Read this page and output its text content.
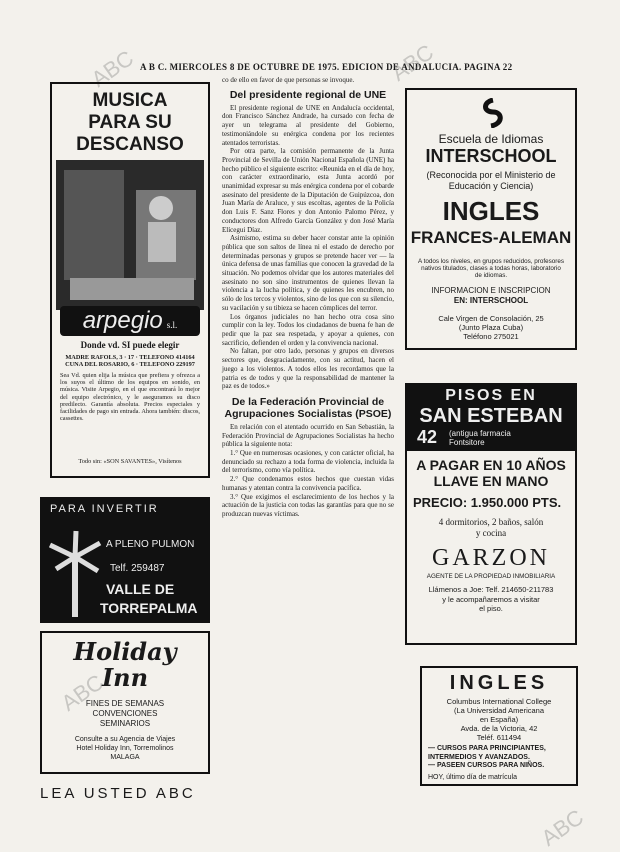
A B C. MIERCOLES 8 DE OCTUBRE DE 1975. EDICION DE ANDALUCIA. PAGINA 22
ABC	ABC
ABC
ABC
MUSICA
PARA SU
DESCANSO
arpegio s.l.
Donde vd. SI puede elegir
MADRE RAFOLS, 3 · 17 · TELEFONO 414164
CUNA DEL ROSARIO, 6 · TELEFONO 229197
Sea Vd. quien elija la música que prefiera y ofrezca a los suyos el último de los equipos en sonido, en música. Visite Arpegio, en el que encontrará lo mejor del equipo electrónico, y le aseguramos su disco predilecto. Garantía absoluta. Precios especiales y facilidades de pago sin entrada. Ahora también: discos, cassettes.
Todo sin: «SON SAVANTES», Visítenos
PARA INVERTIR
A PLENO PULMON
Telf. 259487
VALLE DE
TORREPALMA
Holiday
Inn
FINES DE SEMANAS
CONVENCIONES
SEMINARIOS
Consulte a su Agencia de Viajes
Hotel Holiday Inn, Torremolinos
MALAGA
LEA USTED ABC
co de ello en favor de que personas se invoque.
Del presidente regional de UNE
El presidente regional de UNE en Andalucía occidental, don Francisco Sánchez Andrade, ha cursado con fecha de ayer un telegrama al presidente del Gobierno, testimoniándole su enérgica condena por los recientes atentados terroristas.
Por otra parte, la comisión permanente de la Junta Provincial de Sevilla de Unión Nacional Española (UNE) ha hecho público el siguiente escrito: «Reunida en el día de hoy, con carácter extraordinario, esta Junta acordó por unanimidad expresar su más enérgica condena por el cobarde asesinato del presidente de la Diputación de Guipúzcoa, don Juan María de Araluce, y sus escoltas, agentes de la Policía don Luis F. Sanz Flores y don Antonio Palomo Pérez, y conductores don Alfredo García González y don José María Elícegui Díaz.
Asimismo, estima su deber hacer constar ante la opinión pública que son saltos de línea ni el estado de derecho por determinadas personas y grupos se pretende hacer ver — la única defensa de unas familias que conocen la gravedad de la situación. No podemos olvidar que los autores materiales del asesinato no son sino instrumentos de quienes llevan la violencia a la lucha política, y de quienes les encubren, no sólo de los tercos y violentos, sino de los que con su silencio, su vacilación y su tibieza se hacen cómplices del terror.
Los órganos judiciales no han hecho otra cosa sino cumplir con la ley. Todos los ciudadanos de buena fe han de pedir que la paz sea respetada, y apoyar a quienes, con sacrificio, defienden el orden y la convivencia nacional.
No faltan, por otro lado, personas y grupos en diversos sectores que, desgraciadamente, con su actitud, hacen el juego a los violentos. A todos ellos les recordamos que la patria es de todos y que la responsabilidad de mantener la paz es de todos.»
De la Federación Provincial de Agrupaciones Socialistas (PSOE)
En relación con el atentado ocurrido en San Sebastián, la Federación Provincial de Agrupaciones Socialistas ha hecho pública la siguiente nota:
1.° Que en numerosas ocasiones, y con carácter oficial, ha denunciado su rechazo a toda forma de violencia, incluida la del terrorismo, como vía política.
2.° Que condenamos estos hechos que cuestan vidas humanas y atentan contra la convivencia pacífica.
3.° Que exigimos el esclarecimiento de los hechos y la actuación de la justicia con todas las garantías para que no se produzcan nuevas víctimas.
Escuela de Idiomas
INTERSCHOOL
(Reconocida por el Ministerio de Educación y Ciencia)
INGLES
FRANCES-ALEMAN
A todos los niveles, en grupos reducidos, profesores nativos titulados, clases a todas horas, laboratorio de idiomas.
INFORMACION E INSCRIPCION
EN: INTERSCHOOL
Cale Virgen de Consolación, 25
(Junto Plaza Cuba)
Teléfono 275021
PISOS EN
SAN ESTEBAN
42 (antigua farmacia
Fontsitore
A PAGAR EN 10 AÑOS
LLAVE EN MANO
PRECIO: 1.950.000 PTS.
4 dormitorios, 2 baños, salón
y cocina
GARZON
AGENTE DE LA PROPIEDAD INMOBILIARIA
Llámenos a Joe: Telf. 214650-211783
y le acompañaremos a visitar
el piso.
INGLES
Columbus International College
(La Universidad Americana
en España)
Avda. de la Victoria, 42
Teléf. 611494
— CURSOS PARA PRINCIPIANTES, INTERMEDIOS Y AVANZADOS.
— PASEEN CURSOS PARA NIÑOS.
HOY, último día de matrícula
